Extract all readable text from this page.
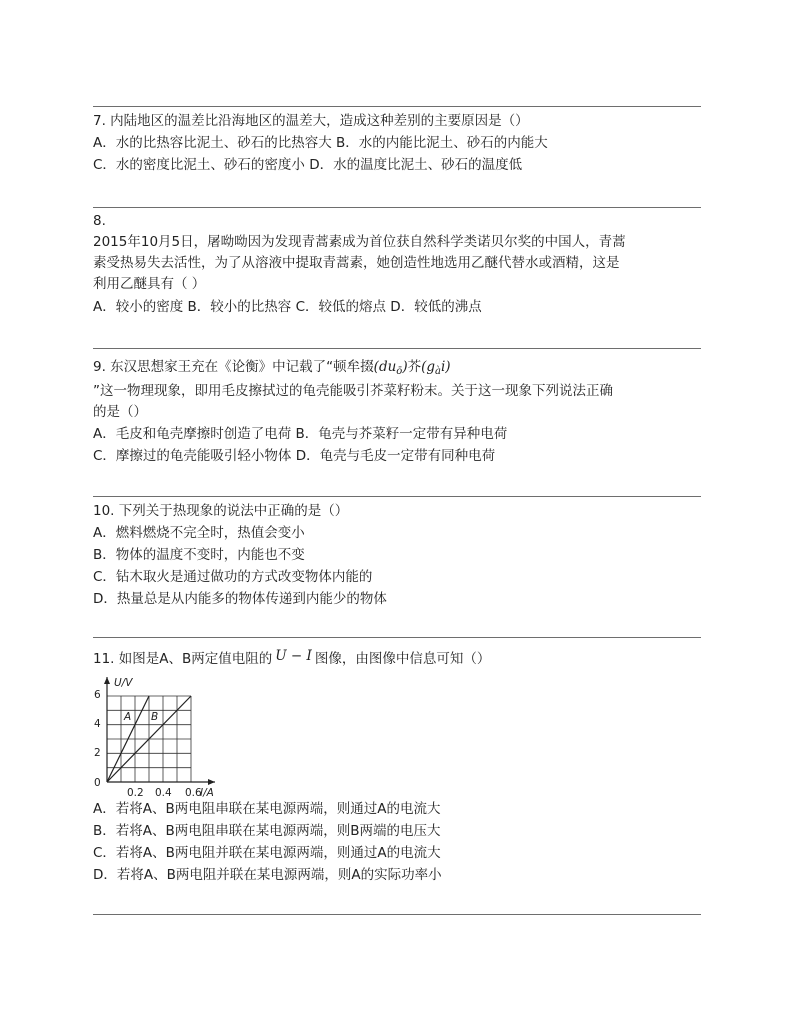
7. 内陆地区的温差比沿海地区的温差大，造成这种差别的主要原因是（）
A．水的比热容比泥土、砂石的比热容大 B．水的内能比泥土、砂石的内能大
C．水的密度比泥土、砂石的密度小 D．水的温度比泥土、砂石的温度低
8.
2015年10月5日，屠呦呦因为发现青蒿素成为首位获自然科学类诺贝尔奖的中国人，青蒿
素受热易失去活性，为了从溶液中提取青蒿素，她创造性地选用乙醚代替水或酒精，这是
利用乙醚具有（ ）
A．较小的密度 B．较小的比热容 C．较低的熔点 D．较低的沸点
9. 东汉思想家王充在《论衡》中记载了“顿牟掇$(du_ō)$芥$(g_ài)$
”这一物理现象，即用毛皮擦拭过的龟壳能吸引芥菜籽粉末。关于这一现象下列说法正确
的是（）
A．毛皮和龟壳摩擦时创造了电荷 B．龟壳与芥菜籽一定带有异种电荷
C．摩擦过的龟壳能吸引轻小物体 D．龟壳与毛皮一定带有同种电荷
10. 下列关于热现象的说法中正确的是（）
A．燃料燃烧不完全时，热值会变小
B．物体的温度不变时，内能也不变
C．钻木取火是通过做功的方式改变物体内能的
D．热量总是从内能多的物体传递到内能少的物体
11. 如图是A、B两定值电阻的 U − I 图像，由图像中信息可知（）
A．若将A、B两电阻串联在某电源两端，则通过A的电流大
B．若将A、B两电阻串联在某电源两端，则B两端的电压大
C．若将A、B两电阻并联在某电源两端，则通过A的电流大
D．若将A、B两电阻并联在某电源两端，则A的实际功率小
6
4
2
0
0.2 0.4 0.6
U/V
I/A
A B
